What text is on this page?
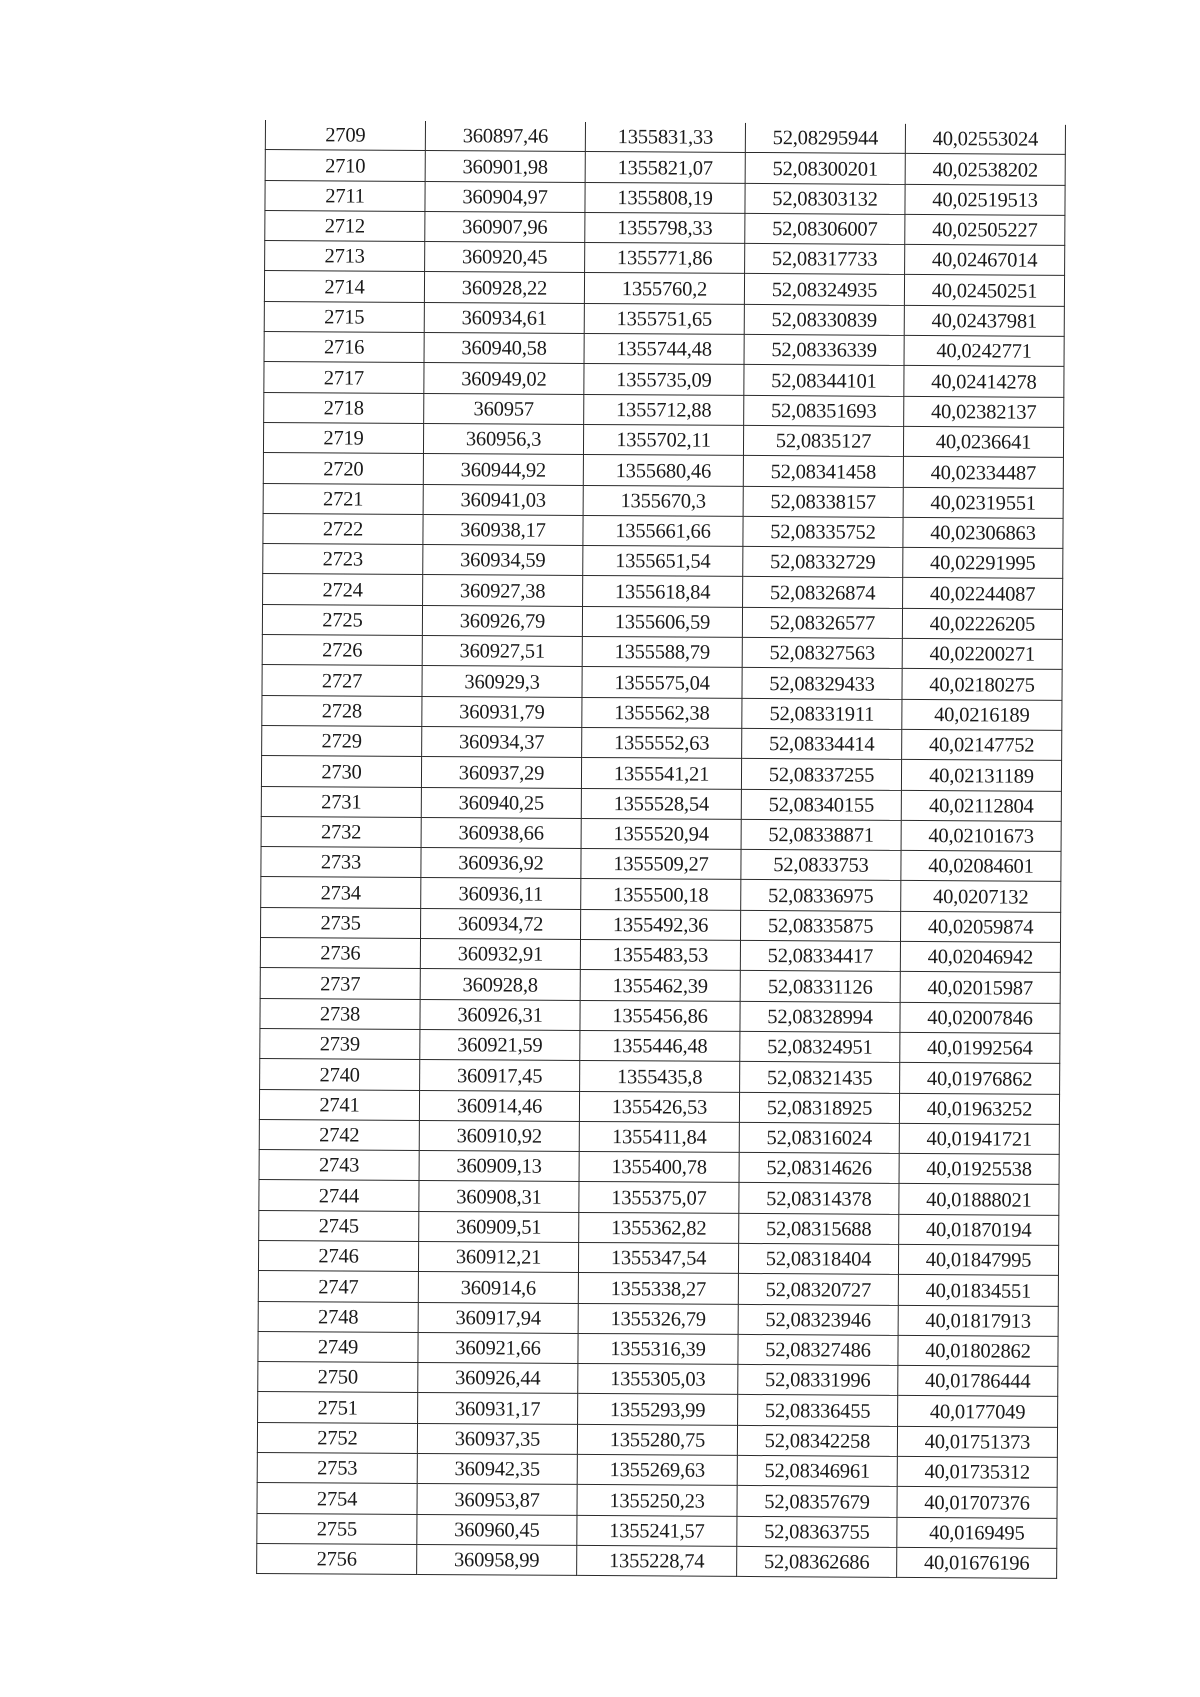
2709	360897,46	1355831,33	52,08295944	40,02553024
2710	360901,98	1355821,07	52,08300201	40,02538202
2711	360904,97	1355808,19	52,08303132	40,02519513
2712	360907,96	1355798,33	52,08306007	40,02505227
2713	360920,45	1355771,86	52,08317733	40,02467014
2714	360928,22	1355760,2	52,08324935	40,02450251
2715	360934,61	1355751,65	52,08330839	40,02437981
2716	360940,58	1355744,48	52,08336339	40,0242771
2717	360949,02	1355735,09	52,08344101	40,02414278
2718	360957	1355712,88	52,08351693	40,02382137
2719	360956,3	1355702,11	52,0835127	40,0236641
2720	360944,92	1355680,46	52,08341458	40,02334487
2721	360941,03	1355670,3	52,08338157	40,02319551
2722	360938,17	1355661,66	52,08335752	40,02306863
2723	360934,59	1355651,54	52,08332729	40,02291995
2724	360927,38	1355618,84	52,08326874	40,02244087
2725	360926,79	1355606,59	52,08326577	40,02226205
2726	360927,51	1355588,79	52,08327563	40,02200271
2727	360929,3	1355575,04	52,08329433	40,02180275
2728	360931,79	1355562,38	52,08331911	40,0216189
2729	360934,37	1355552,63	52,08334414	40,02147752
2730	360937,29	1355541,21	52,08337255	40,02131189
2731	360940,25	1355528,54	52,08340155	40,02112804
2732	360938,66	1355520,94	52,08338871	40,02101673
2733	360936,92	1355509,27	52,0833753	40,02084601
2734	360936,11	1355500,18	52,08336975	40,0207132
2735	360934,72	1355492,36	52,08335875	40,02059874
2736	360932,91	1355483,53	52,08334417	40,02046942
2737	360928,8	1355462,39	52,08331126	40,02015987
2738	360926,31	1355456,86	52,08328994	40,02007846
2739	360921,59	1355446,48	52,08324951	40,01992564
2740	360917,45	1355435,8	52,08321435	40,01976862
2741	360914,46	1355426,53	52,08318925	40,01963252
2742	360910,92	1355411,84	52,08316024	40,01941721
2743	360909,13	1355400,78	52,08314626	40,01925538
2744	360908,31	1355375,07	52,08314378	40,01888021
2745	360909,51	1355362,82	52,08315688	40,01870194
2746	360912,21	1355347,54	52,08318404	40,01847995
2747	360914,6	1355338,27	52,08320727	40,01834551
2748	360917,94	1355326,79	52,08323946	40,01817913
2749	360921,66	1355316,39	52,08327486	40,01802862
2750	360926,44	1355305,03	52,08331996	40,01786444
2751	360931,17	1355293,99	52,08336455	40,0177049
2752	360937,35	1355280,75	52,08342258	40,01751373
2753	360942,35	1355269,63	52,08346961	40,01735312
2754	360953,87	1355250,23	52,08357679	40,01707376
2755	360960,45	1355241,57	52,08363755	40,0169495
2756	360958,99	1355228,74	52,08362686	40,01676196
